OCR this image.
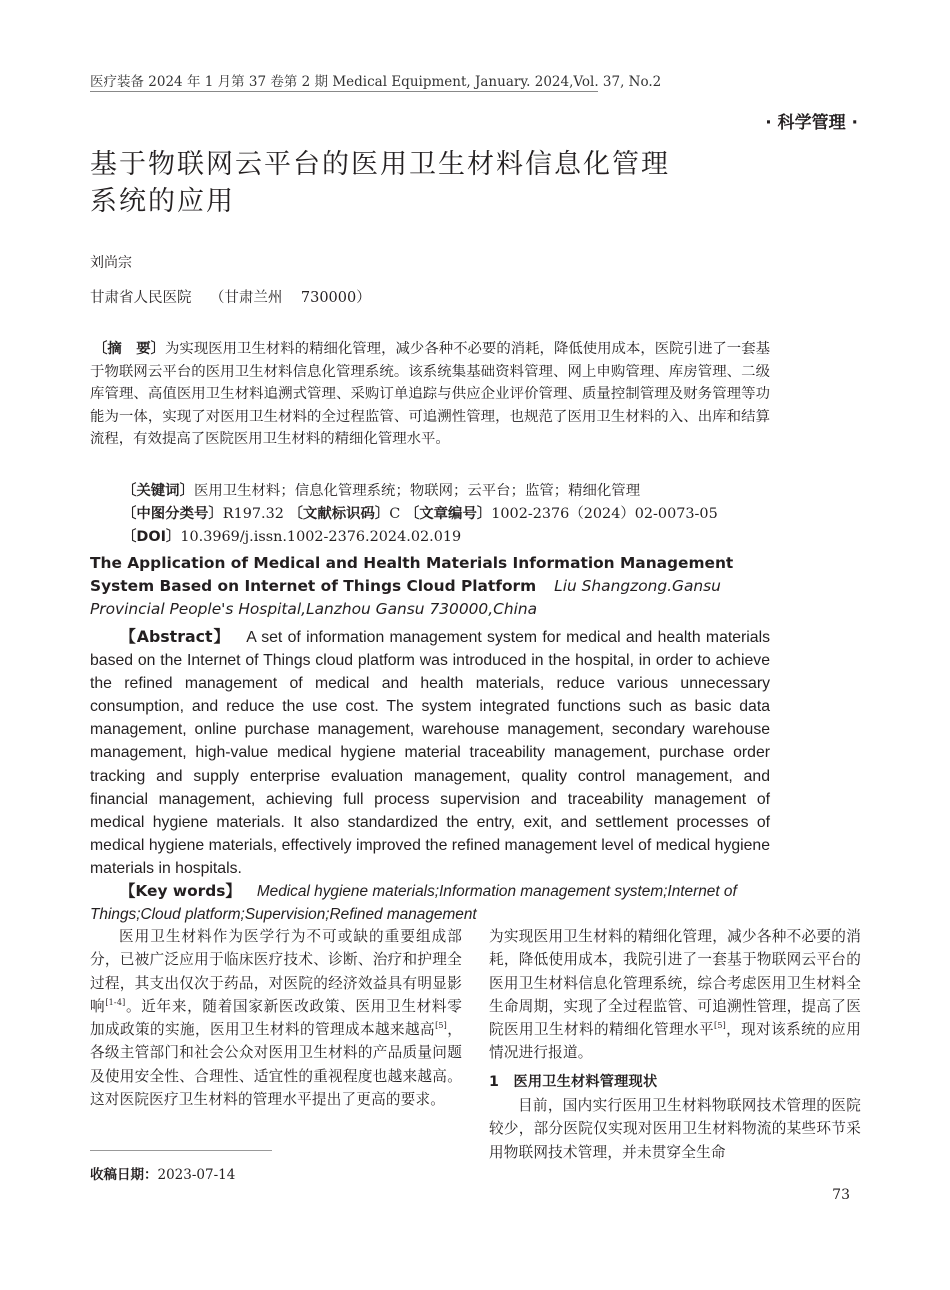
医疗装备 2024 年 1 月第 37 卷第 2 期 Medical Equipment, January. 2024,Vol. 37, No.2
· 科学管理 ·
基于物联网云平台的医用卫生材料信息化管理
系统的应用
刘尚宗
甘肃省人民医院    （甘肃兰州    730000）
〔摘　要〕为实现医用卫生材料的精细化管理，减少各种不必要的消耗，降低使用成本，医院引进了一套基于物联网云平台的医用卫生材料信息化管理系统。该系统集基础资料管理、网上申购管理、库房管理、二级库管理、高值医用卫生材料追溯式管理、采购订单追踪与供应企业评价管理、质量控制管理及财务管理等功能为一体，实现了对医用卫生材料的全过程监管、可追溯性管理，也规范了医用卫生材料的入、出库和结算流程，有效提高了医院医用卫生材料的精细化管理水平。
〔关键词〕医用卫生材料；信息化管理系统；物联网；云平台；监管；精细化管理
〔中图分类号〕R197.32 〔文献标识码〕C 〔文章编号〕1002-2376（2024）02-0073-05
〔DOI〕10.3969/j.issn.1002-2376.2024.02.019
The Application of Medical and Health Materials Information Management System Based on Internet of Things Cloud Platform Liu Shangzong.Gansu Provincial People's Hospital,Lanzhou Gansu 730000,China
【Abstract】 A set of information management system for medical and health materials based on the Internet of Things cloud platform was introduced in the hospital, in order to achieve the refined management of medical and health materials, reduce various unnecessary consumption, and reduce the use cost. The system integrated functions such as basic data management, online purchase management, warehouse management, secondary warehouse management, high-value medical hygiene material traceability management, purchase order tracking and supply enterprise evaluation management, quality control management, and financial management, achieving full process supervision and traceability management of medical hygiene materials. It also standardized the entry, exit, and settlement processes of medical hygiene materials, effectively improved the refined management level of medical hygiene materials in hospitals.
【Key words】 Medical hygiene materials;Information management system;Internet of Things;Cloud platform;Supervision;Refined management
医用卫生材料作为医学行为不可或缺的重要组成部分，已被广泛应用于临床医疗技术、诊断、治疗和护理全过程，其支出仅次于药品，对医院的经济效益具有明显影响[1-4]。近年来，随着国家新医改政策、医用卫生材料零加成政策的实施，医用卫生材料的管理成本越来越高[5]，各级主管部门和社会公众对医用卫生材料的产品质量问题及使用安全性、合理性、适宜性的重视程度也越来越高。这对医院医疗卫生材料的管理水平提出了更高的要求。
为实现医用卫生材料的精细化管理，减少各种不必要的消耗，降低使用成本，我院引进了一套基于物联网云平台的医用卫生材料信息化管理系统，综合考虑医用卫生材料全生命周期，实现了全过程监管、可追溯性管理，提高了医院医用卫生材料的精细化管理水平[5]，现对该系统的应用情况进行报道。
1　医用卫生材料管理现状
目前，国内实行医用卫生材料物联网技术管理的医院较少，部分医院仅实现对医用卫生材料物流的某些环节采用物联网技术管理，并未贯穿全生命
收稿日期：2023-07-14
73
